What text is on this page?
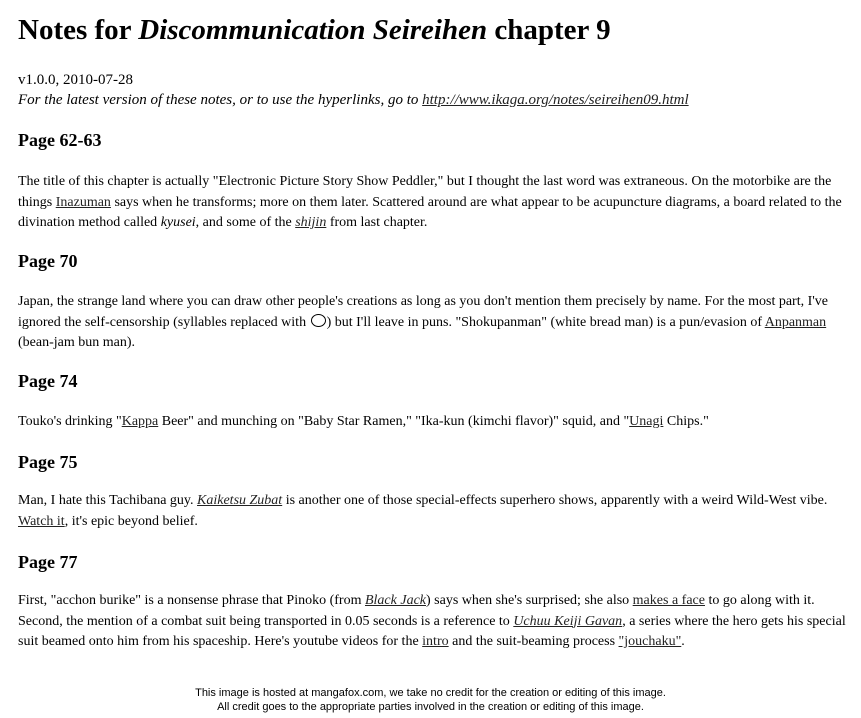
Notes for Discommunication Seireihen chapter 9
v1.0.0, 2010-07-28
For the latest version of these notes, or to use the hyperlinks, go to http://www.ikaga.org/notes/seireihen09.html
Page 62-63

The title of this chapter is actually "Electronic Picture Story Show Peddler," but I thought the last word was extraneous. On the motorbike are the things Inazuman says when he transforms; more on them later. Scattered around are what appear to be acupuncture diagrams, a board related to the divination method called kyusei, and some of the shijin from last chapter.

Page 70

Japan, the strange land where you can draw other people's creations as long as you don't mention them precisely by name. For the most part, I've ignored the self-censorship (syllables replaced with ) but I'll leave in puns. "Shokupanman" (white bread man) is a pun/evasion of Anpanman (bean-jam bun man).

Page 74

Touko's drinking "Kappa Beer" and munching on "Baby Star Ramen," "Ika-kun (kimchi flavor)" squid, and "Unagi Chips."

Page 75

Man, I hate this Tachibana guy. Kaiketsu Zubat is another one of those special-effects superhero shows, apparently with a weird Wild-West vibe. Watch it, it's epic beyond belief.

Page 77

First, "acchon burike" is a nonsense phrase that Pinoko (from Black Jack) says when she's surprised; she also makes a face to go along with it. Second, the mention of a combat suit being transported in 0.05 seconds is a reference to Uchuu Keiji Gavan, a series where the hero gets his special suit beamed onto him from his spaceship. Here's youtube videos for the intro and the suit-beaming process "jouchaku".

This image is hosted at mangafox.com, we take no credit for the creation or editing of this image.
All credit goes to the appropriate parties involved in the creation or editing of this image.
